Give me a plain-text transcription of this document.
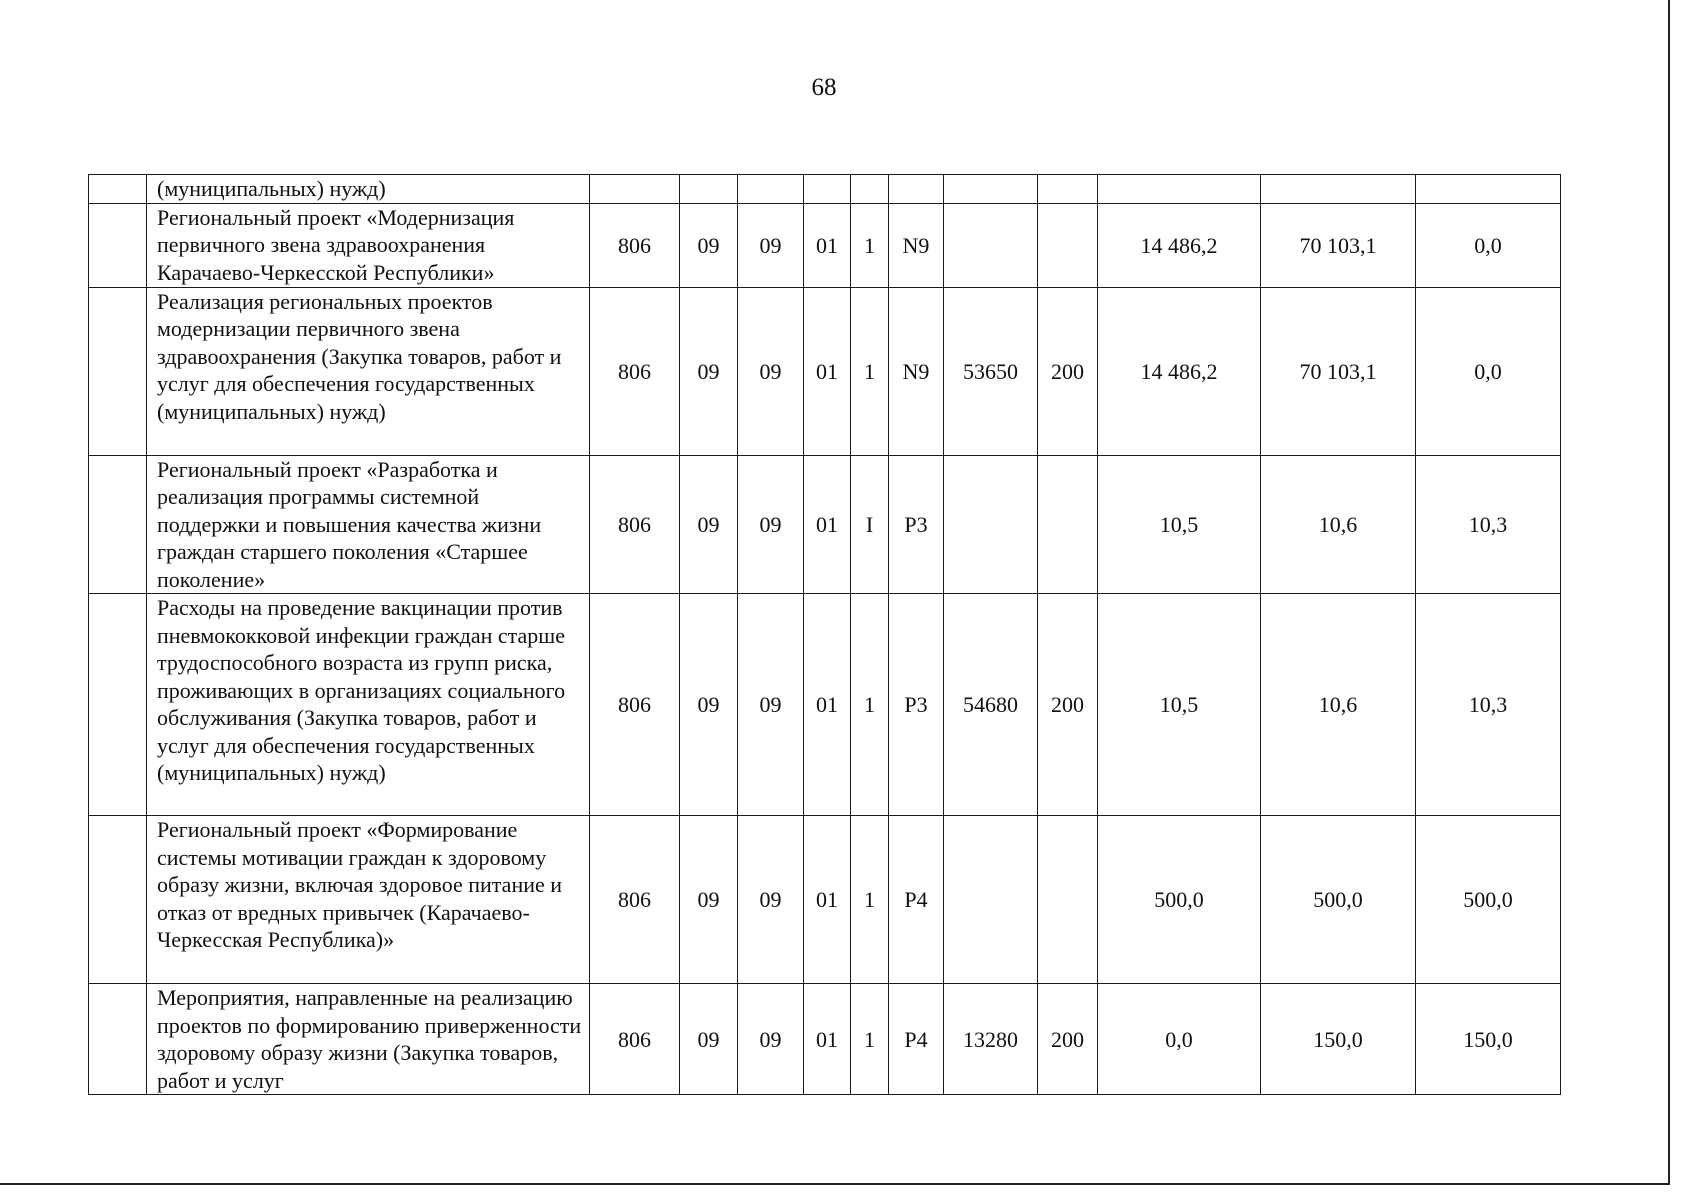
68
	(муниципальных) нужд)											
	Региональный проект «Модернизация первичного звена здравоохранения Карачаево-Черкесской Республики»	806	09	09	01	1	N9			14 486,2	70 103,1	0,0
	Реализация региональных проектов модернизации первичного звена здравоохранения (Закупка товаров, работ и услуг для обеспечения государственных (муниципальных) нужд)	806	09	09	01	1	N9	53650	200	14 486,2	70 103,1	0,0
	Региональный проект «Разработка и реализация программы системной поддержки и повышения качества жизни граждан старшего поколения «Старшее поколение»	806	09	09	01	I	P3			10,5	10,6	10,3
	Расходы на проведение вакцинации против пневмококковой инфекции граждан старше трудоспособного возраста из групп риска, проживающих в организациях социального обслуживания (Закупка товаров, работ и услуг для обеспечения государственных (муниципальных) нужд)	806	09	09	01	1	P3	54680	200	10,5	10,6	10,3
	Региональный проект «Формирование системы мотивации граждан к здоровому образу жизни, включая здоровое питание и отказ от вредных привычек (Карачаево-Черкесская Республика)»	806	09	09	01	1	P4			500,0	500,0	500,0
	Мероприятия, направленные на реализацию проектов по формированию приверженности здоровому образу жизни (Закупка товаров, работ и услуг	806	09	09	01	1	P4	13280	200	0,0	150,0	150,0
